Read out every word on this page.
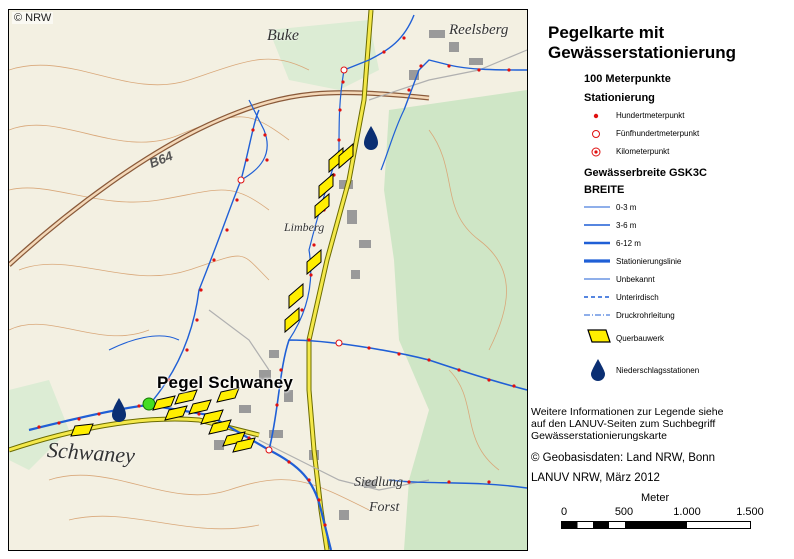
© NRW
Pegel Schwaney
Buke	Reelsberg
Schwaney
Limberg
Siedlung
Forst
B64
Pegelkarte mit Gewässerstationierung
100 Meterpunkte
Stationierung
Hundertmeterpunkt
Fünfhundertmeterpunkt
Kilometerpunkt
Gewässerbreite GSK3C
BREITE
0-3 m
3-6 m
6-12 m
Stationierungslinie
Unbekannt
Unterirdisch
Druckrohrleitung
Querbauwerk
Niederschlagsstationen
Weitere Informationen zur Legende siehe
auf den LANUV-Seiten zum Suchbegriff
Gewässerstationierungskarte
© Geobasisdaten: Land NRW, Bonn
LANUV NRW, März 2012
Meter
0	500	1.000	1.500
